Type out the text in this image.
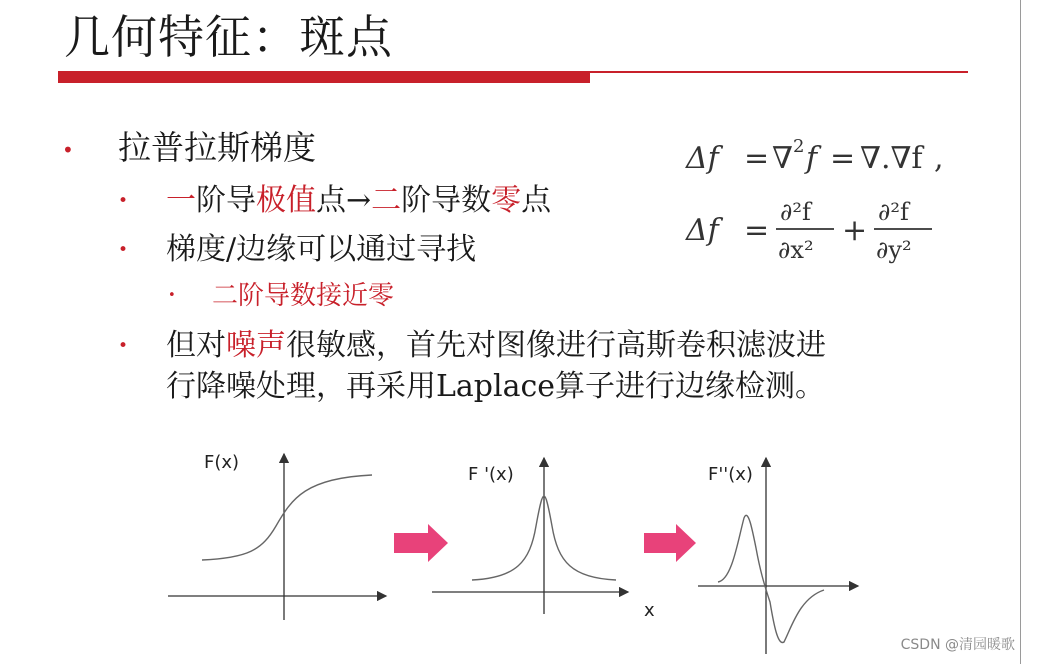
几何特征：斑点
• 拉普拉斯梯度
• 一阶导极值点→二阶导数零点
• 梯度/边缘可以通过寻找
• 二阶导数接近零
• 但对噪声很敏感，首先对图像进行高斯卷积滤波进
行降噪处理，再采用Laplace算子进行边缘检测。
Δf = ∇ 2 f = ∇.∇f ,
Δf =
∂²f
∂x²
+
∂²f
∂y²
F(x)
F '(x)
x
F''(x)
CSDN @清园暖歌
